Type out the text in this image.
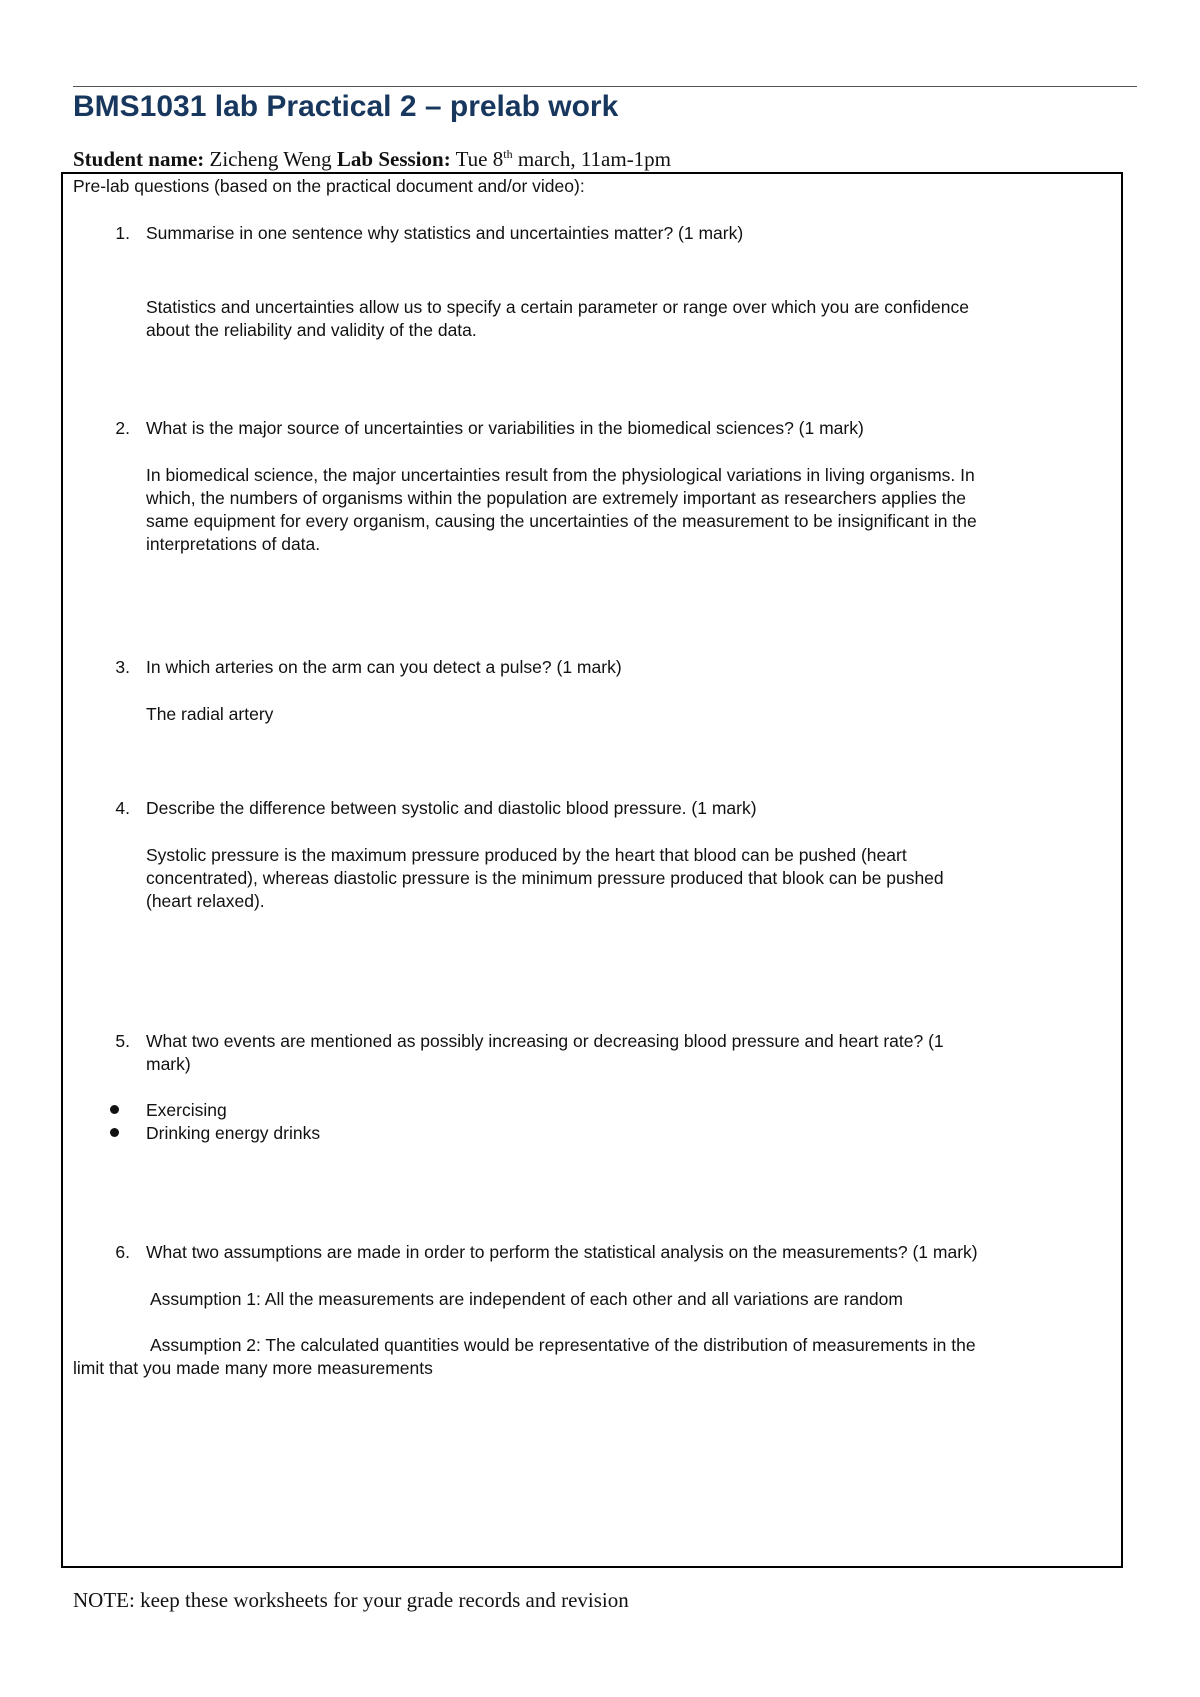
BMS1031 lab Practical 2 – prelab work
Student name: Zicheng Weng Lab Session: Tue 8th march, 11am-1pm
Pre-lab questions (based on the practical document and/or video):
1. Summarise in one sentence why statistics and uncertainties matter? (1 mark)
Statistics and uncertainties allow us to specify a certain parameter or range over which you are confidence
about the reliability and validity of the data.
2. What is the major source of uncertainties or variabilities in the biomedical sciences? (1 mark)
In biomedical science, the major uncertainties result from the physiological variations in living organisms. In
which, the numbers of organisms within the population are extremely important as researchers applies the
same equipment for every organism, causing the uncertainties of the measurement to be insignificant in the
interpretations of data.
3. In which arteries on the arm can you detect a pulse? (1 mark)
The radial artery
4. Describe the difference between systolic and diastolic blood pressure. (1 mark)
Systolic pressure is the maximum pressure produced by the heart that blood can be pushed (heart
concentrated), whereas diastolic pressure is the minimum pressure produced that blook can be pushed
(heart relaxed).
5. What two events are mentioned as possibly increasing or decreasing blood pressure and heart rate? (1
mark)
Exercising
Drinking energy drinks
6. What two assumptions are made in order to perform the statistical analysis on the measurements? (1 mark)
Assumption 1: All the measurements are independent of each other and all variations are random
Assumption 2: The calculated quantities would be representative of the distribution of measurements in the
limit that you made many more measurements
NOTE: keep these worksheets for your grade records and revision
